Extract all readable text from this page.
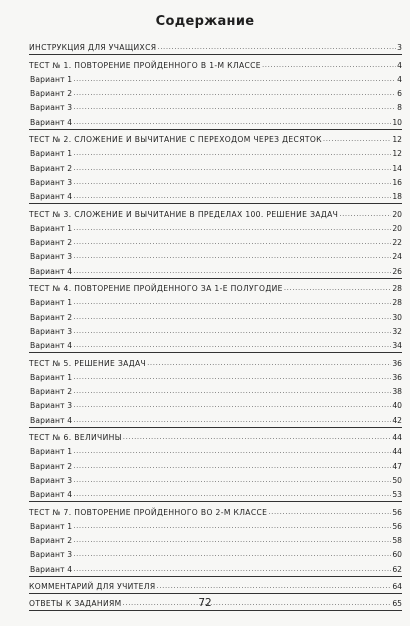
Содержание
ИНСТРУКЦИЯ ДЛЯ УЧАЩИХСЯ .....	3
ТЕСТ № 1. ПОВТОРЕНИЕ ПРОЙДЕННОГО В 1-М КЛАССЕ .....	4
Вариант 1 .....	4
Вариант 2 .....	6
Вариант 3 .....	8
Вариант 4 .....	10
ТЕСТ № 2. СЛОЖЕНИЕ И ВЫЧИТАНИЕ С ПЕРЕХОДОМ ЧЕРЕЗ ДЕСЯТОК .....	12
Вариант 1 .....	12
Вариант 2 .....	14
Вариант 3 .....	16
Вариант 4 .....	18
ТЕСТ № 3. СЛОЖЕНИЕ И ВЫЧИТАНИЕ В ПРЕДЕЛАХ 100. РЕШЕНИЕ ЗАДАЧ .....	20
Вариант 1 .....	20
Вариант 2 .....	22
Вариант 3 .....	24
Вариант 4 .....	26
ТЕСТ № 4. ПОВТОРЕНИЕ ПРОЙДЕННОГО ЗА 1-Е ПОЛУГОДИЕ .....	28
Вариант 1 .....	28
Вариант 2 .....	30
Вариант 3 .....	32
Вариант 4 .....	34
ТЕСТ № 5. РЕШЕНИЕ ЗАДАЧ .....	36
Вариант 1 .....	36
Вариант 2 .....	38
Вариант 3 .....	40
Вариант 4 .....	42
ТЕСТ № 6. ВЕЛИЧИНЫ .....	44
Вариант 1 .....	44
Вариант 2 .....	47
Вариант 3 .....	50
Вариант 4 .....	53
ТЕСТ № 7. ПОВТОРЕНИЕ ПРОЙДЕННОГО ВО 2-М КЛАССЕ .....	56
Вариант 1 .....	56
Вариант 2 .....	58
Вариант 3 .....	60
Вариант 4 .....	62
КОММЕНТАРИЙ ДЛЯ УЧИТЕЛЯ .....	64
ОТВЕТЫ К ЗАДАНИЯМ .....	65
72
